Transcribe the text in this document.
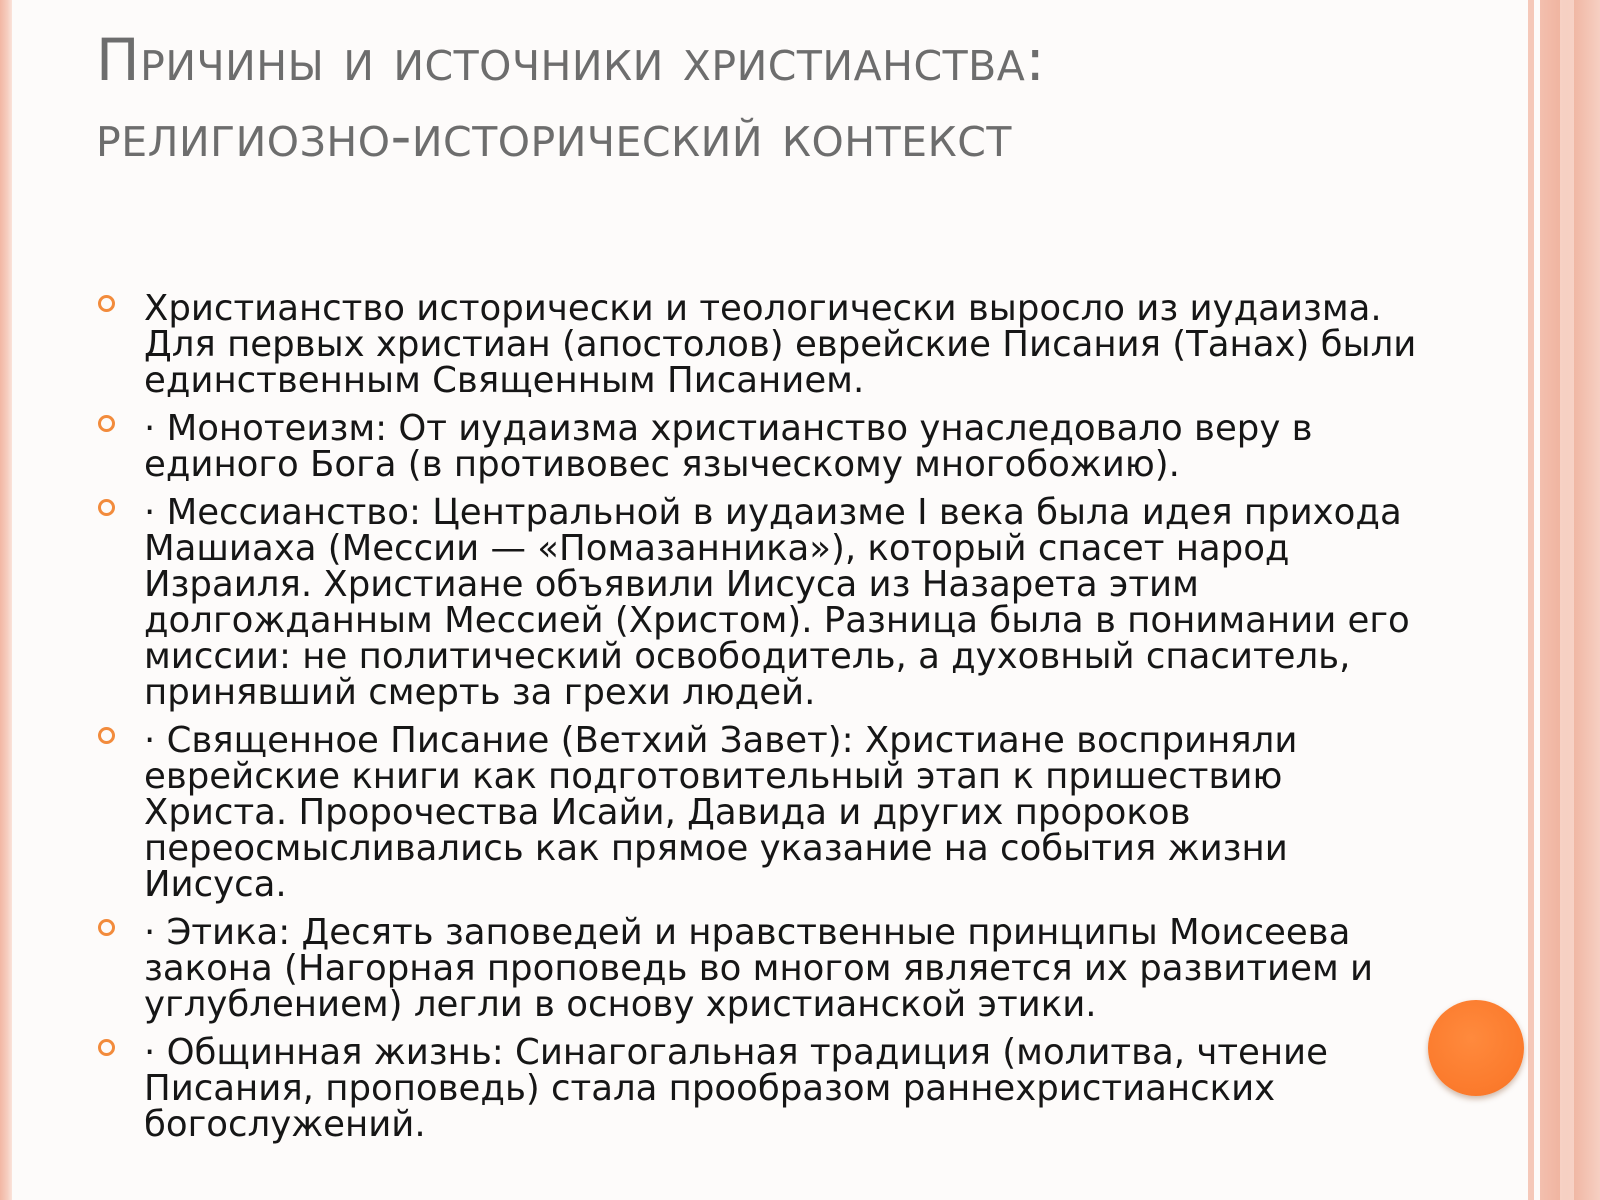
Причины и источники христианства:
религиозно-исторический контекст
Христианство исторически и теологически выросло из иудаизма. Для первых христиан (апостолов) еврейские Писания (Танах) были единственным Священным Писанием.
· Монотеизм: От иудаизма христианство унаследовало веру в единого Бога (в противовес языческому многобожию).
· Мессианство: Центральной в иудаизме I века была идея прихода Машиаха (Мессии — «Помазанника»), который спасет народ Израиля. Христиане объявили Иисуса из Назарета этим долгожданным Мессией (Христом). Разница была в понимании его миссии: не политический освободитель, а духовный спаситель, принявший смерть за грехи людей.
· Священное Писание (Ветхий Завет): Христиане восприняли еврейские книги как подготовительный этап к пришествию Христа. Пророчества Исайи, Давида и других пророков переосмысливались как прямое указание на события жизни Иисуса.
· Этика: Десять заповедей и нравственные принципы Моисеева закона (Нагорная проповедь во многом является их развитием и углублением) легли в основу христианской этики.
· Общинная жизнь: Синагогальная традиция (молитва, чтение Писания, проповедь) стала прообразом раннехристианских богослужений.
